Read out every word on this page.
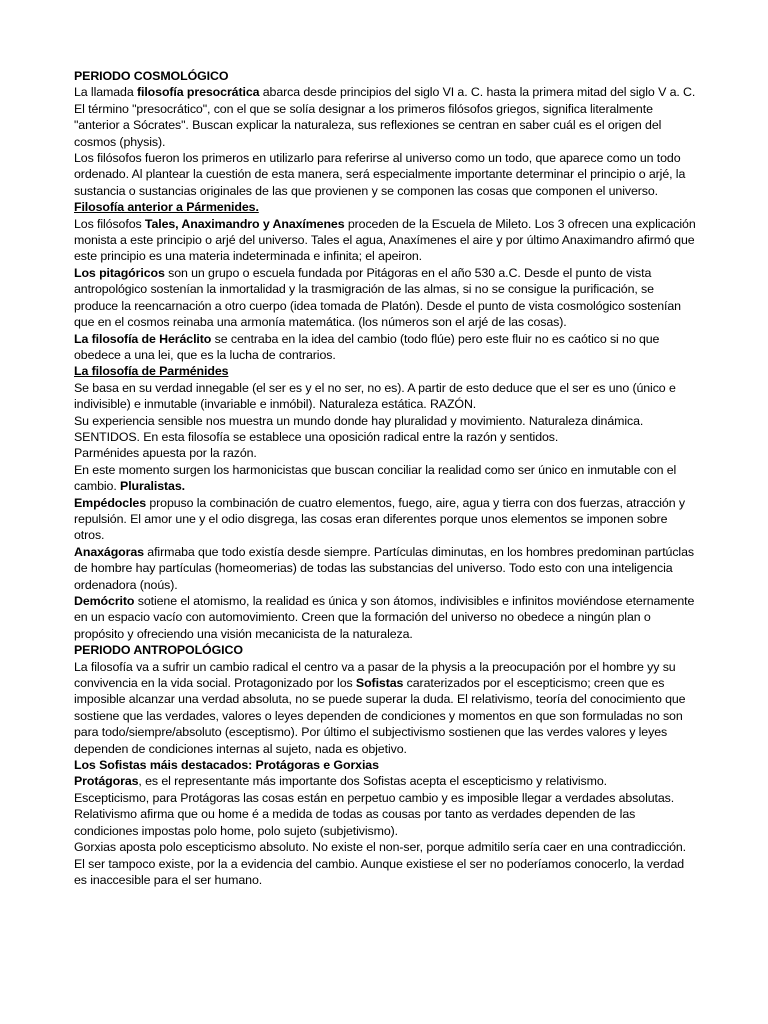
PERIODO COSMOLÓGICO

La llamada filosofía presocrática abarca desde principios del siglo VI a. C. hasta la primera mitad del siglo V a. C. El término "presocrático", con el que se solía designar a los primeros filósofos griegos, significa literalmente "anterior a Sócrates". Buscan explicar la naturaleza, sus reflexiones se centran en saber cuál es el origen del cosmos (physis).

Los filósofos fueron los primeros en utilizarlo para referirse al universo como un todo, que aparece como un todo ordenado. Al plantear la cuestión de esta manera, será especialmente importante determinar el principio o arjé, la sustancia o sustancias originales de las que provienen y se componen las cosas que componen el universo.

Filosofía anterior a Pármenides.

Los filósofos Tales, Anaximandro y Anaxímenes proceden de la Escuela de Mileto. Los 3 ofrecen una explicación monista a este principio o arjé del universo. Tales el agua, Anaxímenes el aire y por último Anaximandro afirmó que este principio es una materia indeterminada e infinita; el apeiron.

Los pitagóricos son un grupo o escuela fundada por Pitágoras en el año 530 a.C. Desde el punto de vista antropológico sostenían la inmortalidad y la trasmigración de las almas, si no se consigue la purificación, se produce la reencarnación a otro cuerpo (idea tomada de Platón). Desde el punto de vista cosmológico sostenían que en el cosmos reinaba una armonía matemática. (los números son el arjé de las cosas).

La filosofía de Heráclito se centraba en la idea del cambio (todo flúe) pero este fluir no es caótico si no que obedece a una lei, que es la lucha de contrarios.

La filosofía de Parménides

Se basa en su verdad innegable (el ser es y el no ser, no es). A partir de esto deduce que el ser es uno (único e indivisible) e inmutable (invariable e inmóbil). Naturaleza estática. RAZÓN.

Su experiencia sensible nos muestra un mundo donde hay pluralidad y movimiento. Naturaleza dinámica. SENTIDOS. En esta filosofía se establece una oposición radical entre la razón y sentidos.

Parménides apuesta por la razón.

En este momento surgen los harmonicistas que buscan conciliar la realidad como ser único en inmutable con el cambio. Pluralistas.

Empédocles propuso la combinación de cuatro elementos, fuego, aire, agua y tierra con dos fuerzas, atracción y repulsión. El amor une y el odio disgrega, las cosas eran diferentes porque unos elementos se imponen sobre otros.

Anaxágoras afirmaba que todo existía desde siempre. Partículas diminutas, en los hombres predominan partúclas de hombre hay partículas (homeomerias) de todas las substancias del universo. Todo esto con una inteligencia ordenadora (noús).

Demócrito sotiene el atomismo, la realidad es única y son átomos, indivisibles e infinitos moviéndose eternamente en un espacio vacío con automovimiento. Creen que la formación del universo no obedece a ningún plan o propósito y ofreciendo una visión mecanicista de la naturaleza.

PERIODO ANTROPOLÓGICO

La filosofía va a sufrir un cambio radical el centro va a pasar de la physis a la preocupación por el hombre yy su convivencia en la vida social. Protagonizado por los Sofistas caraterizados por el escepticismo; creen que es imposible alcanzar una verdad absoluta, no se puede superar la duda. El relativismo, teoría del conocimiento que sostiene que las verdades, valores o leyes dependen de condiciones y momentos en que son formuladas no son para todo/siempre/absoluto (esceptismo). Por último el subjectivismo sostienen que las verdes valores y leyes dependen de condiciones internas al sujeto, nada es objetivo.

Los Sofistas máis destacados: Protágoras e Gorxias

Protágoras, es el representante más importante dos Sofistas acepta el escepticismo y relativismo.

Escepticismo, para Protágoras las cosas están en perpetuo cambio y es imposible llegar a verdades absolutas. Relativismo afirma que ou home é a medida de todas as cousas por tanto as verdades dependen de las condiciones impostas polo home, polo sujeto (subjetivismo).

Gorxias aposta polo escepticismo absoluto. No existe el non-ser, porque admitilo sería caer en una contradicción. El ser tampoco existe, por la a evidencia del cambio. Aunque existiese el ser no poderíamos conocerlo, la verdad es inaccesible para el ser humano.
